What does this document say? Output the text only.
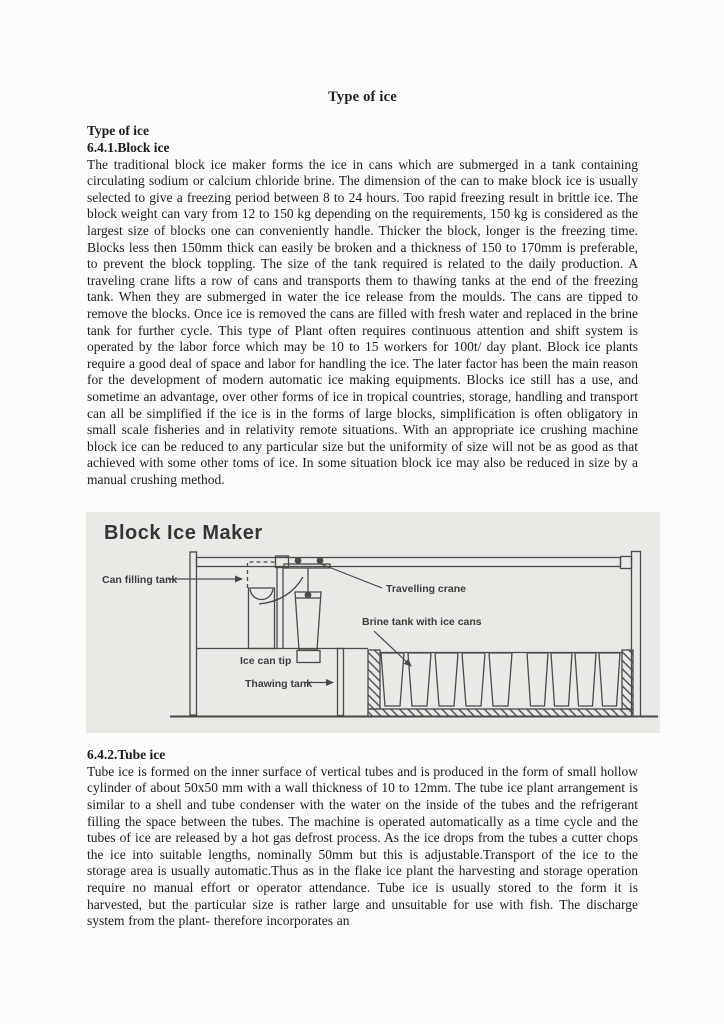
Type of ice
Type of ice
6.4.1.Block ice

The traditional block ice maker forms the ice in cans which are submerged in a tank containing circulating sodium or calcium chloride brine. The dimension of the can to make block ice is usually selected to give a freezing period between 8 to 24 hours. Too rapid freezing result in brittle ice. The block weight can vary from 12 to 150 kg depending on the requirements, 150 kg is considered as the largest size of blocks one can conveniently handle. Thicker the block, longer is the freezing time. Blocks less then 150mm thick can easily be broken and a thickness of 150 to 170mm is preferable, to prevent the block toppling. The size of the tank required is related to the daily production. A traveling crane lifts a row of cans and transports them to thawing tanks at the end of the freezing tank. When they are submerged in water the ice release from the moulds. The cans are tipped to remove the blocks. Once ice is removed the cans are filled with fresh water and replaced in the brine tank for further cycle. This type of Plant often requires continuous attention and shift system is operated by the labor force which may be 10 to 15 workers for 100t/ day plant. Block ice plants require a good deal of space and labor for handling the ice. The later factor has been the main reason for the development of modern automatic ice making equipments. Blocks ice still has a use, and sometime an advantage, over other forms of ice in tropical countries, storage, handling and transport can all be simplified if the ice is in the forms of large blocks, simplification is often obligatory in small scale fisheries and in relativity remote situations. With an appropriate ice crushing machine block ice can be reduced to any particular size but the uniformity of size will not be as good as that achieved with some other toms of ice. In some situation block ice may also be reduced in size by a manual crushing method.

Block Ice Maker
Can filling tank
Travelling crane
Brine tank with ice cans
Ice can tip
Thawing tank
6.4.2.Tube ice

Tube ice is formed on the inner surface of vertical tubes and is produced in the form of small hollow cylinder of about 50x50 mm with a wall thickness of 10 to 12mm. The tube ice plant arrangement is similar to a shell and tube condenser with the water on the inside of the tubes and the refrigerant filling the space between the tubes. The machine is operated automatically as a time cycle and the tubes of ice are released by a hot gas defrost process. As the ice drops from the tubes a cutter chops the ice into suitable lengths, nominally 50mm but this is adjustable.Transport of the ice to the storage area is usually automatic.Thus as in the flake ice plant the harvesting and storage operation require no manual effort or operator attendance. Tube ice is usually stored to the form it is harvested, but the particular size is rather large and unsuitable for use with fish. The discharge system from the plant- therefore incorporates an
